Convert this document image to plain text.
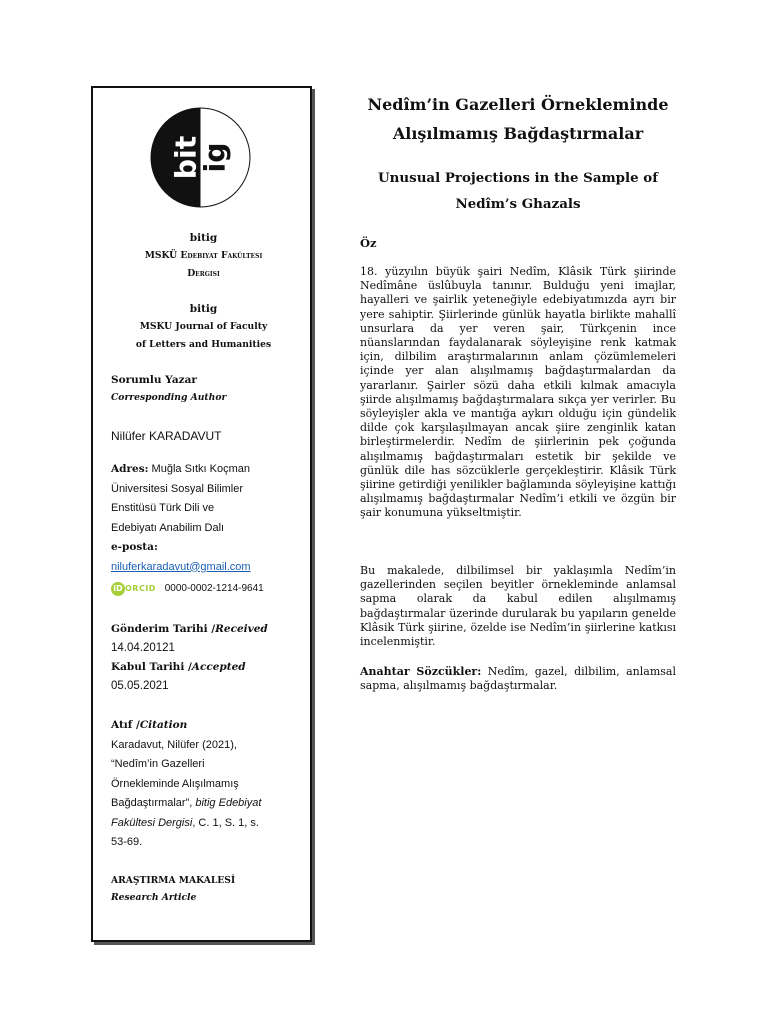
bit
ig
bitig
MSKÜ Edebiyat Fakültesi
Dergisi
bitig
MSKU Journal of Faculty
of Letters and Humanities
Sorumlu Yazar
Corresponding Author
Nilüfer KARADAVUT
Adres: Muğla Sıtkı Koçman
Üniversitesi Sosyal Bilimler
Enstitüsü Türk Dili ve
Edebiyatı Anabilim Dalı
e-posta:
niluferkaradavut@gmail.com
iD ORCID 0000-0002-1214-9641
Gönderim Tarihi /Received
14.04.20121
Kabul Tarihi /Accepted
05.05.2021
Atıf /Citation
Karadavut, Nilüfer (2021),
“Nedîm’in Gazelleri
Örnekleminde Alışılmamış
Bağdaştırmalar”, bitig Edebiyat
Fakültesi Dergisi, C. 1, S. 1, s.
53-69.
ARAŞTIRMA MAKALESİ
Research Article
Nedîm’in Gazelleri Örnekleminde
Alışılmamış Bağdaştırmalar
Unusual Projections in the Sample of
Nedîm’s Ghazals
Öz
18. yüzyılın büyük şairi Nedîm, Klâsik Türk şiirinde Nedîmâne üslûbuyla tanınır. Bulduğu yeni imajlar, hayalleri ve şairlik yeteneğiyle edebiyatımızda ayrı bir yere sahiptir. Şiirlerinde günlük hayatla birlikte mahallî unsurlara da yer veren şair, Türkçenin ince nüanslarından faydalanarak söyleyişine renk katmak için, dilbilim araştırmalarının anlam çözümlemeleri içinde yer alan alışılmamış bağdaştırmalardan da yararlanır. Şairler sözü daha etkili kılmak amacıyla şiirde alışılmamış bağdaştırmalara sıkça yer verirler. Bu söyleyişler akla ve mantığa aykırı olduğu için gündelik dilde çok karşılaşılmayan ancak şiire zenginlik katan birleştirmelerdir. Nedîm de şiirlerinin pek çoğunda alışılmamış bağdaştırmaları estetik bir şekilde ve günlük dile has sözcüklerle gerçekleştirir. Klâsik Türk şiirine getirdiği yenilikler bağlamında söyleyişine kattığı alışılmamış bağdaştırmalar Nedîm’i etkili ve özgün bir şair konumuna yükseltmiştir.
Bu makalede, dilbilimsel bir yaklaşımla Nedîm’in gazellerinden seçilen beyitler örnekleminde anlamsal sapma olarak da kabul edilen alışılmamış bağdaştırmalar üzerinde durularak bu yapıların genelde Klâsik Türk şiirine, özelde ise Nedîm’in şiirlerine katkısı incelenmiştir.
Anahtar Sözcükler: Nedîm, gazel, dilbilim, anlamsal sapma, alışılmamış bağdaştırmalar.
